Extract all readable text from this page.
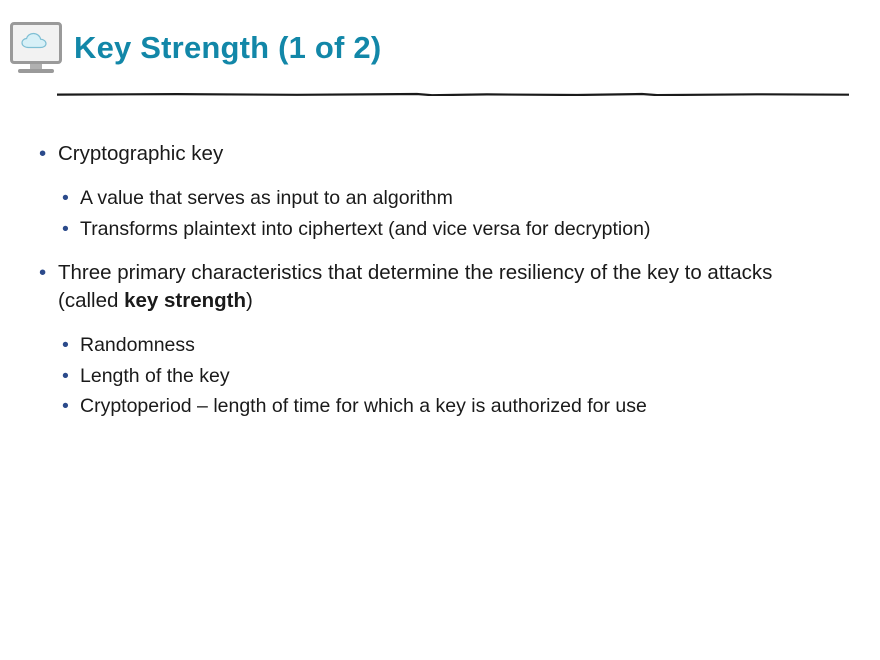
Key Strength (1 of 2)
• Cryptographic key
• A value that serves as input to an algorithm
• Transforms plaintext into ciphertext (and vice versa for decryption)
• Three primary characteristics that determine the resiliency of the key to attacks (called key strength)
• Randomness
• Length of the key
• Cryptoperiod – length of time for which a key is authorized for use
